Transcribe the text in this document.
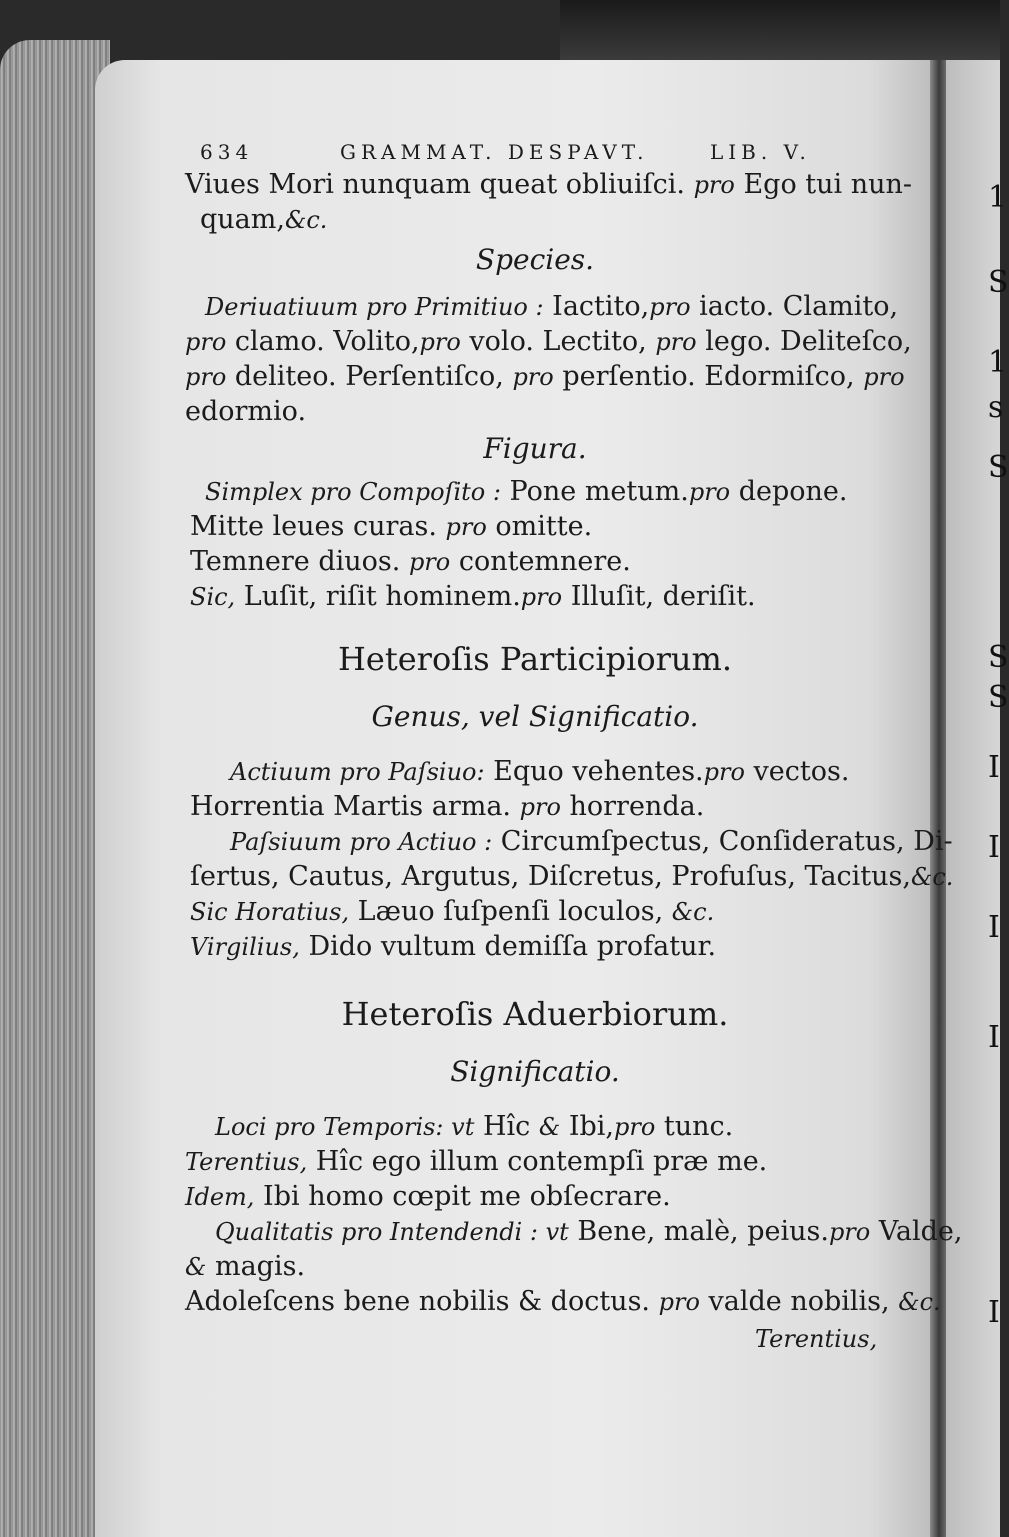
1
S
1
s
S
S
S
I
I
I
I
I
634	GRAMMAT. DESPAVT.	LIB. V.
Viues Mori nunquam queat obliuiſci. pro Ego tui nun-
quam,&c.
Species.
Deriuatiuum pro Primitiuo : Iactito,pro iacto. Clamito,
pro clamo. Volito,pro volo. Lectito, pro lego. Deliteſco,
pro deliteo. Perſentiſco, pro perſentio. Edormiſco, pro
edormio.
Figura.
Simplex pro Compoſito : Pone metum.pro depone.
Mitte leues curas. pro omitte.
Temnere diuos. pro contemnere.
Sic, Luſit, riſit hominem.pro Illuſit, deriſit.
Heteroſis Participiorum.
Genus, vel Significatio.
Actiuum pro Paſsiuo: Equo vehentes.pro vectos.
Horrentia Martis arma. pro horrenda.
Paſsiuum pro Actiuo : Circumſpectus, Conſideratus, Di-
ſertus, Cautus, Argutus, Diſcretus, Profuſus, Tacitus,&c.
Sic Horatius, Læuo ſuſpenſi loculos, &c.
Virgilius, Dido vultum demiſſa profatur.
Heteroſis Aduerbiorum.
Significatio.
Loci pro Temporis: vt Hîc & Ibi,pro tunc.
Terentius, Hîc ego illum contempſi præ me.
Idem, Ibi homo cœpit me obſecrare.
Qualitatis pro Intendendi : vt Bene, malè, peius.pro Valde,
& magis.
Adoleſcens bene nobilis & doctus. pro valde nobilis, &c.
Terentius,
